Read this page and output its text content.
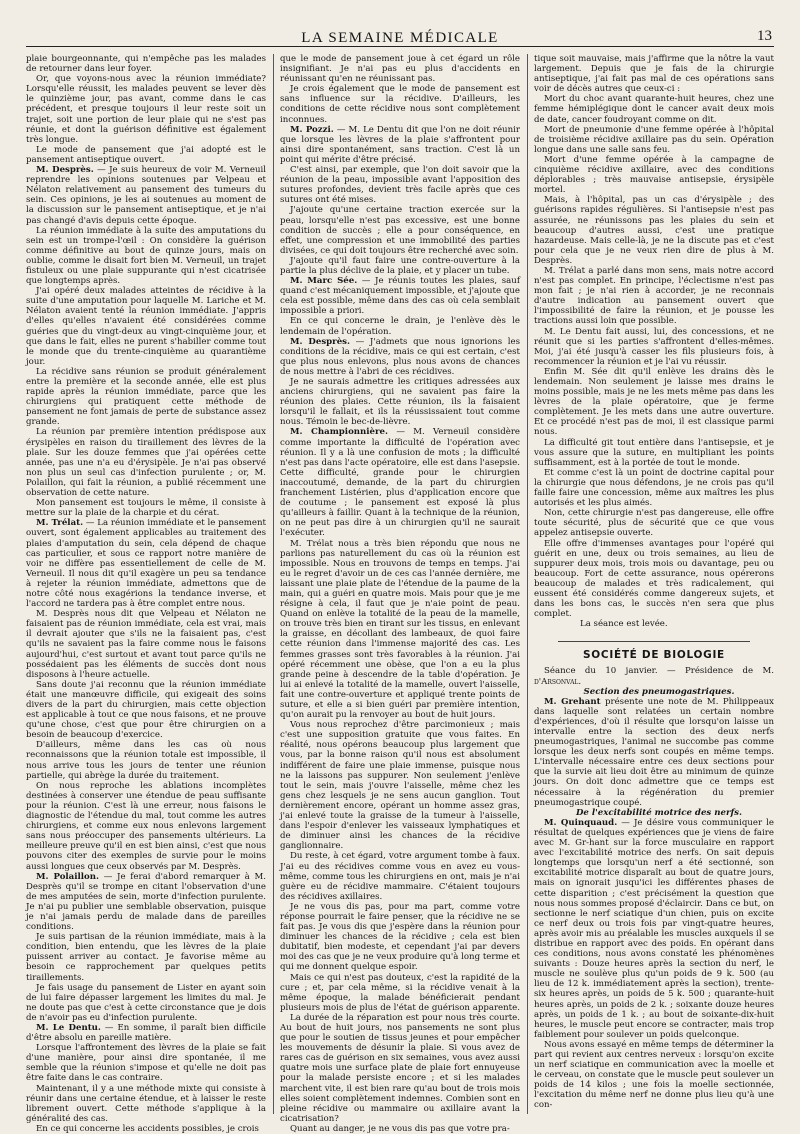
LA SEMAINE MÉDICALE	13

plaie bourgeonnante, qui n'empêche pas les malades de retourner dans leur foyer.

Or, que voyons-nous avec la réunion immédiate? Lorsqu'elle réussit, les malades peuvent se lever dès le quinzième jour, pas avant, comme dans le cas précédent, et presque toujours il leur reste soit un trajet, soit une portion de leur plaie qui ne s'est pas réunie, et dont la guérison définitive est également très longue.

Le mode de pansement que j'ai adopté est le pansement antiseptique ouvert.

M. Desprès. — Je suis heureux de voir M. Verneuil reprendre les opinions soutenues par Velpeau et Nélaton relativement au pansement des tumeurs du sein. Ces opinions, je les ai soutenues au moment de la discussion sur le pansement antiseptique, et je n'ai pas changé d'avis depuis cette époque.

La réunion immédiate à la suite des amputations du sein est un trompe-l'œil : On considère la guérison comme définitive au bout de quinze jours, mais on oublie, comme le disait fort bien M. Verneuil, un trajet fistuleux ou une plaie suppurante qui n'est cicatrisée que longtemps après.

J'ai opéré deux malades atteintes de récidive à la suite d'une amputation pour laquelle M. Lariche et M. Nélaton avaient tenté la réunion immédiate. J'appris d'elles qu'elles n'avaient été considérées comme guéries que du vingt-deux au vingt-cinquième jour, et que dans le fait, elles ne purent s'habiller comme tout le monde que du trente-cinquième au quarantième jour.

La récidive sans réunion se produit généralement entre la première et la seconde année, elle est plus rapide après la réunion immédiate, parce que les chirurgiens qui pratiquent cette méthode de pansement ne font jamais de perte de substance assez grande.

La réunion par première intention prédispose aux érysipèles en raison du tiraillement des lèvres de la plaie. Sur les douze femmes que j'ai opérées cette année, pas une n'a eu d'érysipèle. Je n'ai pas observé non plus un seul cas d'infection purulente ; or, M. Polaillon, qui fait la réunion, a publié récemment une observation de cette nature.

Mon pansement est toujours le même, il consiste à mettre sur la plaie de la charpie et du cérat.

M. Trélat. — La réunion immédiate et le pansement ouvert, sont également applicables au traitement des plaies d'amputation du sein, cela dépend de chaque cas particulier, et sous ce rapport notre manière de voir ne diffère pas essentiellement de celle de M. Verneuil. Il nous dit qu'il exagère un peu sa tendance à rejeter la réunion immédiate, admettons que de notre côté nous exagérions la tendance inverse, et l'accord ne tardera pas à être complet entre nous.

M. Desprès nous dit que Velpeau et Nélaton ne faisaient pas de réunion immédiate, cela est vrai, mais il devrait ajouter que s'ils ne la faisaient pas, c'est qu'ils ne savaient pas la faire comme nous le faisons aujourd'hui, c'est surtout et avant tout parce qu'ils ne possédaient pas les éléments de succès dont nous disposons à l'heure actuelle.

Sans doute j'ai reconnu que la réunion immédiate était une manœuvre difficile, qui exigeait des soins divers de la part du chirurgien, mais cette objection est applicable à tout ce que nous faisons, et ne prouve qu'une chose, c'est que pour être chirurgien on a besoin de beaucoup d'exercice.

D'ailleurs, même dans les cas où nous reconnaissons que la réunion totale est impossible, il nous arrive tous les jours de tenter une réunion partielle, qui abrège la durée du traitement.

On nous reproche les ablations incomplètes destinées à conserver une étendue de peau suffisante pour la réunion. C'est là une erreur, nous faisons le diagnostic de l'étendue du mal, tout comme les autres chirurgiens, et comme eux nous enlevons largement sans nous préoccuper des pansements ultérieurs. La meilleure preuve qu'il en est bien ainsi, c'est que nous pouvons citer des exemples de survie pour le moins aussi longues que ceux observés par M. Desprès.

M. Polaillon. — Je ferai d'abord remarquer à M. Desprès qu'il se trompe en citant l'observation d'une de mes amputées de sein, morte d'infection purulente. Je n'ai pu publier une semblable observation, puisque je n'ai jamais perdu de malade dans de pareilles conditions.

Je suis partisan de la réunion immédiate, mais à la condition, bien entendu, que les lèvres de la plaie puissent arriver au contact. Je favorise même au besoin ce rapprochement par quelques petits tiraillements.

Je fais usage du pansement de Lister en ayant soin de lui faire dépasser largement les limites du mal. Je ne doute pas que c'est à cette circonstance que je dois de n'avoir pas eu d'infection purulente.

M. Le Dentu. — En somme, il paraît bien difficile d'être absolu en pareille matière.

Lorsque l'affrontement des lèvres de la plaie se fait d'une manière, pour ainsi dire spontanée, il me semble que la réunion s'impose et qu'elle ne doit pas être faite dans le cas contraire.

Maintenant, il y a une méthode mixte qui consiste à réunir dans une certaine étendue, et à laisser le reste librement ouvert. Cette méthode s'applique à la généralité des cas.

En ce qui concerne les accidents possibles, je crois

que le mode de pansement joue à cet égard un rôle insignifiant. Je n'ai pas eu plus d'accidents en réunissant qu'en ne réunissant pas.

Je crois également que le mode de pansement est sans influence sur la récidive. D'ailleurs, les conditions de cette récidive nous sont complètement inconnues.

M. Pozzi. — M. Le Dentu dit que l'on ne doit réunir que lorsque les lèvres de la plaie s'affrontent pour ainsi dire spontanément, sans traction. C'est là un point qui mérite d'être précisé.

C'est ainsi, par exemple, que l'on doit savoir que la réunion de la peau, impossible avant l'apposition des sutures profondes, devient très facile après que ces sutures ont été mises.

J'ajoute qu'une certaine traction exercée sur la peau, lorsqu'elle n'est pas excessive, est une bonne condition de succès ; elle a pour conséquence, en effet, une compression et une immobilité des parties divisées, ce qui doit toujours être recherché avec soin.

J'ajoute qu'il faut faire une contre-ouverture à la partie la plus déclive de la plaie, et y placer un tube.

M. Marc Sée. — Je réunis toutes les plaies, sauf quand c'est mécaniquement impossible, et j'ajoute que cela est possible, même dans des cas où cela semblait impossible a priori.

En ce qui concerne le drain, je l'enlève dès le lendemain de l'opération.

M. Desprès. — J'admets que nous ignorions les conditions de la récidive, mais ce qui est certain, c'est que plus nous enlevons, plus nous avons de chances de nous mettre à l'abri de ces récidives.

Je ne saurais admettre les critiques adressées aux anciens chirurgiens, qui ne savaient pas faire la réunion des plaies. Cette réunion, ils la faisaient lorsqu'il le fallait, et ils la réussissaient tout comme nous. Témoin le bec-de-lièvre.

M. Championnière. — M. Verneuil considère comme importante la difficulté de l'opération avec réunion. Il y a là une confusion de mots ; la difficulté n'est pas dans l'acte opératoire, elle est dans l'asepsie. Cette difficulté, grande pour le chirurgien inaccoutumé, demande, de la part du chirurgien franchement Listérien, plus d'application encore que de coutume ; le pansement est exposé là plus qu'ailleurs à faillir. Quant à la technique de la réunion, on ne peut pas dire à un chirurgien qu'il ne saurait l'exécuter.

M. Trélat nous a très bien répondu que nous ne parlions pas naturellement du cas où la réunion est impossible. Nous en trouvons de temps en temps. J'ai eu le regret d'avoir un de ces cas l'année dernière, me laissant une plaie plate de l'étendue de la paume de la main, qui a guéri en quatre mois. Mais pour que je me résigne à cela, il faut que je n'aie point de peau. Quand on enlève la totalité de la peau de la mamelle, on trouve très bien en tirant sur les tissus, en enlevant la graisse, en décollant des lambeaux, de quoi faire cette réunion dans l'immense majorité des cas. Les femmes grasses sont très favorables à la réunion. J'ai opéré récemment une obèse, que l'on a eu la plus grande peine à descendre de la table d'opération. Je lui ai enlevé la totalité de la mamelle, ouvert l'aisselle, fait une contre-ouverture et appliqué trente points de suture, et elle a si bien guéri par première intention, qu'on aurait pu la renvoyer au bout de huit jours.

Vous nous reprochez d'être parcimonieux ; mais c'est une supposition gratuite que vous faites. En réalité, nous opérons beaucoup plus largement que vous, par la bonne raison qu'il nous est absolument indifférent de faire une plaie immense, puisque nous ne la laissons pas suppurer. Non seulement j'enlève tout le sein, mais j'ouvre l'aisselle, même chez les gens chez lesquels je ne sens aucun ganglion. Tout dernièrement encore, opérant un homme assez gras, j'ai enlevé toute la graisse de la tumeur à l'aisselle, dans l'espoir d'enlever les vaisseaux lymphatiques et de diminuer ainsi les chances de la récidive ganglionnaire.

Du reste, à cet égard, votre argument tombe à faux. J'ai eu des récidives comme vous en avez eu vous-même, comme tous les chirurgiens en ont, mais je n'ai guère eu de récidive mammaire. C'étaient toujours des récidives axillaires.

Je ne vous dis pas, pour ma part, comme votre réponse pourrait le faire penser, que la récidive ne se fait pas. Je vous dis que j'espère dans la réunion pour diminuer les chances de la récidive ; cela est bien dubitatif, bien modeste, et cependant j'ai par devers moi des cas que je ne veux produire qu'à long terme et qui me donnent quelque espoir.

Mais ce qui n'est pas douteux, c'est la rapidité de la cure ; et, par cela même, si la récidive venait à la même époque, la malade bénéficierait pendant plusieurs mois de plus de l'état de guérison apparente.

La durée de la réparation est pour nous très courte. Au bout de huit jours, nos pansements ne sont plus que pour le soutien de tissus jeunes et pour empêcher les mouvements de désunir la plaie. Si vous avez de rares cas de guérison en six semaines, vous avez aussi quatre mois une surface plate de plaie fort ennuyeuse pour la malade persiste encore ; et si les malades marchent vite, il est bien rare qu'au bout de trois mois elles soient complètement indemnes. Combien sont en pleine récidive ou mammaire ou axillaire avant la cicatrisation?

Quant au danger, je ne vous dis pas que votre pra-

tique soit mauvaise, mais j'affirme que la nôtre la vaut largement. Depuis que je fais de la chirurgie antiseptique, j'ai fait pas mal de ces opérations sans voir de décès autres que ceux-ci :

Mort du choc avant quarante-huit heures, chez une femme hémiplégique dont le cancer avait deux mois de date, cancer foudroyant comme on dit.

Mort de pneumonie d'une femme opérée à l'hôpital de troisième récidive axillaire pas du sein. Opération longue dans une salle sans feu.

Mort d'une femme opérée à la campagne de cinquième récidive axillaire, avec des conditions déplorables ; très mauvaise antisepsie, érysipèle mortel.

Mais, à l'hôpital, pas un cas d'érysipèle ; des guérisons rapides régulières. Si l'antisepsie n'est pas assurée, ne réunissons pas les plaies du sein et beaucoup d'autres aussi, c'est une pratique hazardeuse. Mais celle-là, je ne la discute pas et c'est pour cela que je ne veux rien dire de plus à M. Desprès.

M. Trélat a parlé dans mon sens, mais notre accord n'est pas complet. En principe, l'éclectisme n'est pas mon fait ; je n'ai rien à accorder, je ne reconnais d'autre indication au pansement ouvert que l'impossibilité de faire la réunion, et je pousse les tractions aussi loin que possible.

M. Le Dentu fait aussi, lui, des concessions, et ne réunit que si les parties s'affrontent d'elles-mêmes. Moi, j'ai été jusqu'à casser les fils plusieurs fois, à recommencer la réunion et je l'ai vu réussir.

Enfin M. Sée dit qu'il enlève les drains dès le lendemain. Non seulement je laisse mes drains le moins possible, mais je ne les mets même pas dans les lèvres de la plaie opératoire, que je ferme complètement. Je les mets dans une autre ouverture. Et ce procédé n'est pas de moi, il est classique parmi nous.

La difficulté git tout entière dans l'antisepsie, et je vous assure que la suture, en multipliant les points suffisamment, est à la portée de tout le monde.

Et comme c'est là un point de doctrine capital pour la chirurgie que nous défendons, je ne crois pas qu'il faille faire une concession, même aux maîtres les plus autorisés et les plus aimés.

Non, cette chirurgie n'est pas dangereuse, elle offre toute sécurité, plus de sécurité que ce que vous appelez antisepsie ouverte.

Elle offre d'immenses avantages pour l'opéré qui guérit en une, deux ou trois semaines, au lieu de suppurer deux mois, trois mois ou davantage, peu ou beaucoup. Fort de cette assurance, nous opérerons beaucoup de malades et très radicalement, qui eussent été considérés comme dangereux sujets, et dans les bons cas, le succès n'en sera que plus complet.

La séance est levée.

SOCIÉTÉ DE BIOLOGIE

Séance du 10 janvier. — Présidence de M. d'Arsonval.

Section des pneumogastriques.

M. Grehant présente une note de M. Philippeaux dans laquelle sont relatées un certain nombre d'expériences, d'où il résulte que lorsqu'on laisse un intervalle entre la section des deux nerfs pneumogastriques, l'animal ne succombe pas comme lorsque les deux nerfs sont coupés en même temps. L'intervalle nécessaire entre ces deux sections pour que la survie ait lieu doit être au minimum de quinze jours. On doit donc admettre que ce temps est nécessaire à la régénération du premier pneumogastrique coupé.

De l'excitabilité motrice des nerfs.

M. Quinquaud. — Je désire vous communiquer le résultat de quelques expériences que je viens de faire avec M. Gr-hant sur la force musculaire en rapport avec l'excitabilité motrice des nerfs. On sait depuis longtemps que lorsqu'un nerf a été sectionné, son excitabilité motrice disparaît au bout de quatre jours, mais on ignorait jusqu'ici les différentes phases de cette disparition ; c'est précisément la question que nous nous sommes proposé d'éclaircir. Dans ce but, on sectionne le nerf sciatique d'un chien, puis on excite ce nerf deux ou trois fois par vingt-quatre heures, après avoir mis au préalable les muscles auxquels il se distribue en rapport avec des poids. En opérant dans ces conditions, nous avons constaté les phénomènes suivants : Douze heures après la section du nerf, le muscle ne soulève plus qu'un poids de 9 k. 500 (au lieu de 12 k. immédiatement après la section), trente-six heures après, un poids de 5 k. 500 ; quarante-huit heures après, un poids de 2 k. ; soixante douze heures après, un poids de 1 k. ; au bout de soixante-dix-huit heures, le muscle peut encore se contracter, mais trop faiblement pour soulever un poids quelconque.

Nous avons essayé en même temps de déterminer la part qui revient aux centres nerveux : lorsqu'on excite un nerf sciatique en communication avec la moelle et le cerveau, on constate que le muscle peut soulever un poids de 14 kilos ; une fois la moelle sectionnée, l'excitation du même nerf ne donne plus lieu qu'à une con-
